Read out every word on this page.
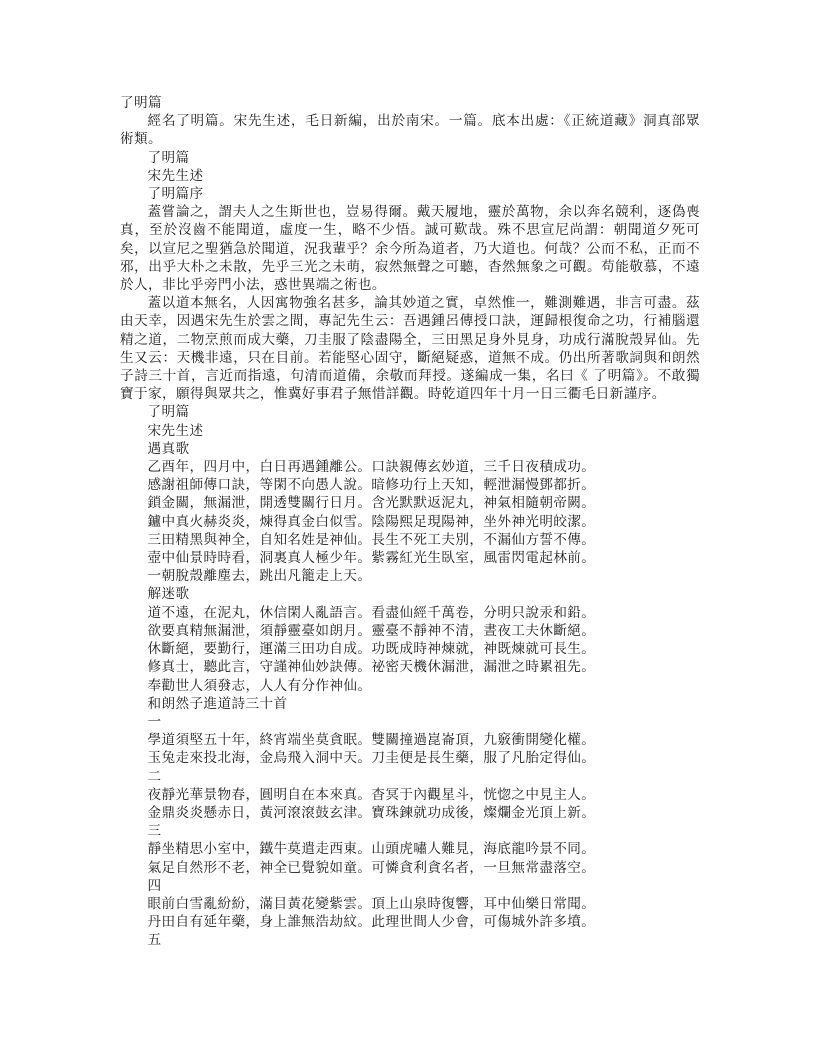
了明篇
經名了明篇。宋先生述，毛日新編，出於南宋。一篇。底本出處：《正統道藏》洞真部眾術類。
了明篇
宋先生述
了明篇序
蓋嘗論之，謂夫人之生斯世也，豈易得爾。戴天履地，靈於萬物，余以奔名競利，逐偽喪真，至於沒齒不能聞道，虛度一生，略不少悟。誠可歎哉。殊不思宣尼尚謂：朝聞道夕死可矣，以宣尼之聖猶急於聞道，況我輩乎？余今所為道者，乃大道也。何哉？公而不私，正而不邪，出乎大朴之未散，先乎三光之未萌，寂然無聲之可聽，杳然無象之可觀。苟能敬慕，不遠於人，非比乎旁門小法，惑世異端之術也。
蓋以道本無名，人因寓物強名甚多，論其妙道之實，卓然惟一，難測難遇，非言可盡。茲由天幸，因遇宋先生於雲之間，專記先生云：吾遇鍾呂傳授口訣，運歸根復命之功，行補腦還精之道，二物烹煎而成大藥，刀圭服了陰盡陽全，三田黑足身外見身，功成行滿脫殼昇仙。先生又云：天機非遠，只在目前。若能堅心固守，斷絕疑惑，道無不成。仍出所著歌詞與和朗然子詩三十首，言近而指遠，句清而道備，余敬而拜授。遂編成一集，名曰《 了明篇》。不敢獨寶于家，願得與眾共之，惟冀好事君子無惜詳觀。時乾道四年十月一日三衢毛日新謹序。
了明篇
宋先生述
遇真歌
乙酉年，四月中，白日再遇鍾離公。口訣親傳玄妙道，三千日夜積成功。
感謝祖師傳口訣，等閑不向愚人說。暗修功行上天知，輕泄漏慢鄧都折。
鎖金關，無漏泄，開透雙關行日月。含光默默返泥丸，神氣相隨朝帝闕。
鑪中真火赫炎炎，煉得真金白似雪。陰陽熙足現陽神，坐外神光明皎潔。
三田精黑與神全，自知名姓是神仙。長生不死工夫別，不漏仙方誓不傳。
壺中仙景時時看，洞裏真人極少年。紫霧紅光生臥室，風雷閃電起林前。
一朝脫殼離塵去，跳出凡籠走上天。
解迷歌
道不遠，在泥丸，休信閑人亂語言。看盡仙經千萬卷，分明只說汞和鉛。
欲要真精無漏泄，須靜靈臺如朗月。靈臺不靜神不清，晝夜工夫休斷絕。
休斷絕，要勤行，運滿三田功自成。功既成時神煉就，神既煉就可長生。
修真士，聽此言，守謹神仙妙訣傳。祕密天機休漏泄，漏泄之時累祖先。
奉勸世人須發志，人人有分作神仙。
和朗然子進道詩三十首
一
學道須堅五十年，終宵端坐莫貪眠。雙關撞過崑崙頂，九竅衝開變化權。
玉兔走來投北海，金烏飛入洞中天。刀圭便是長生藥，服了凡胎定得仙。
二
夜靜光華景物春，圓明自在本來真。杳冥于內觀星斗，恍惚之中見主人。
金鼎炎炎懸赤日，黃河滾滾鼓玄津。寶珠鍊就功成後，燦爛金光頂上新。
三
靜坐精思小室中，鐵牛莫遣走西東。山頭虎嘯人難見，海底龍吟景不同。
氣足自然形不老，神全已覺貌如童。可憐貪利貪名者，一旦無常盡落空。
四
眼前白雪亂紛紛，滿目黃花變紫雲。頂上山泉時復響，耳中仙樂日常聞。
丹田自有延年藥，身上誰無浩劫紋。此理世間人少會，可傷城外許多墳。
五
